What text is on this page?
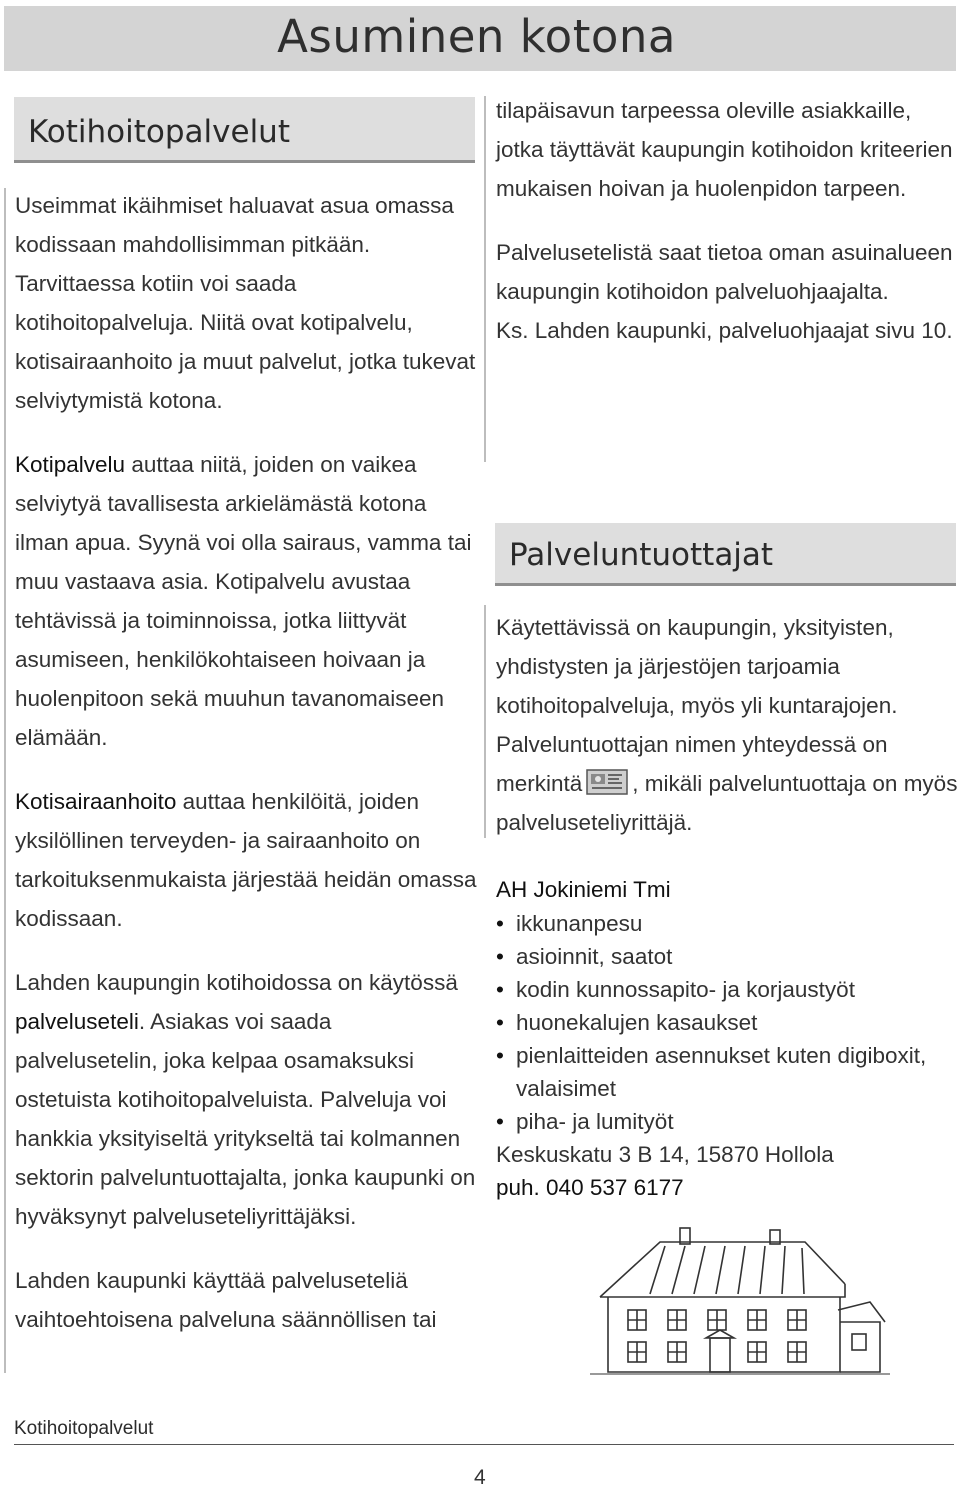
Asuminen kotona
Kotihoitopalvelut

Useimmat ikäihmiset haluavat asua omassa kodissaan mahdollisimman pitkään. Tarvittaessa kotiin voi saada kotihoitopalveluja. Niitä ovat kotipalvelu, kotisairaanhoito ja muut palvelut, jotka tukevat selviytymistä kotona.

Kotipalvelu auttaa niitä, joiden on vaikea selviytyä tavallisesta arkielämästä kotona ilman apua. Syynä voi olla sairaus, vamma tai muu vastaava asia. Kotipalvelu avustaa tehtävissä ja toiminnoissa, jotka liittyvät asumiseen, henkilökohtaiseen hoivaan ja huolenpitoon sekä muuhun tavanomaiseen elämään.

Kotisairaanhoito auttaa henkilöitä, joiden yksilöllinen terveyden- ja sairaanhoito on tarkoituksenmukaista järjestää heidän omassa kodissaan.

Lahden kaupungin kotihoidossa on käytössä palveluseteli. Asiakas voi saada palvelusetelin, joka kelpaa osamaksuksi ostetuista kotihoitopalveluista. Palveluja voi hankkia yksityiseltä yritykseltä tai kolmannen sektorin palveluntuottajalta, jonka kaupunki on hyväksynyt palveluseteliyrittäjäksi.

Lahden kaupunki käyttää palveluseteliä vaihtoehtoisena palveluna säännöllisen tai

tilapäisavun tarpeessa oleville asiakkaille, jotka täyttävät kaupungin kotihoidon kriteerien mukaisen hoivan ja huolenpidon tarpeen.

Palvelusetelistä saat tietoa oman asuinalueen kaupungin kotihoidon palveluohjaajalta.

Ks. Lahden kaupunki, palveluohjaajat sivu 10.

Palveluntuottajat

Käytettävissä on kaupungin, yksityisten, yhdistysten ja järjestöjen tarjoamia kotihoitopalveluja, myös yli kuntarajojen. Palveluntuottajan nimen yhteydessä on merkintä , mikäli palveluntuottaja on myös palveluseteliyrittäjä.

AH Jokiniemi Tmi

• ikkunanpesu
• asioinnit, saatot
• kodin kunnossapito- ja korjaustyöt
• huonekalujen kasaukset
• pienlaitteiden asennukset kuten digiboxit, valaisimet
• piha- ja lumityöt
Keskuskatu 3 B 14, 15870 Hollola
puh. 040 537 6177
Kotihoitopalvelut
4
